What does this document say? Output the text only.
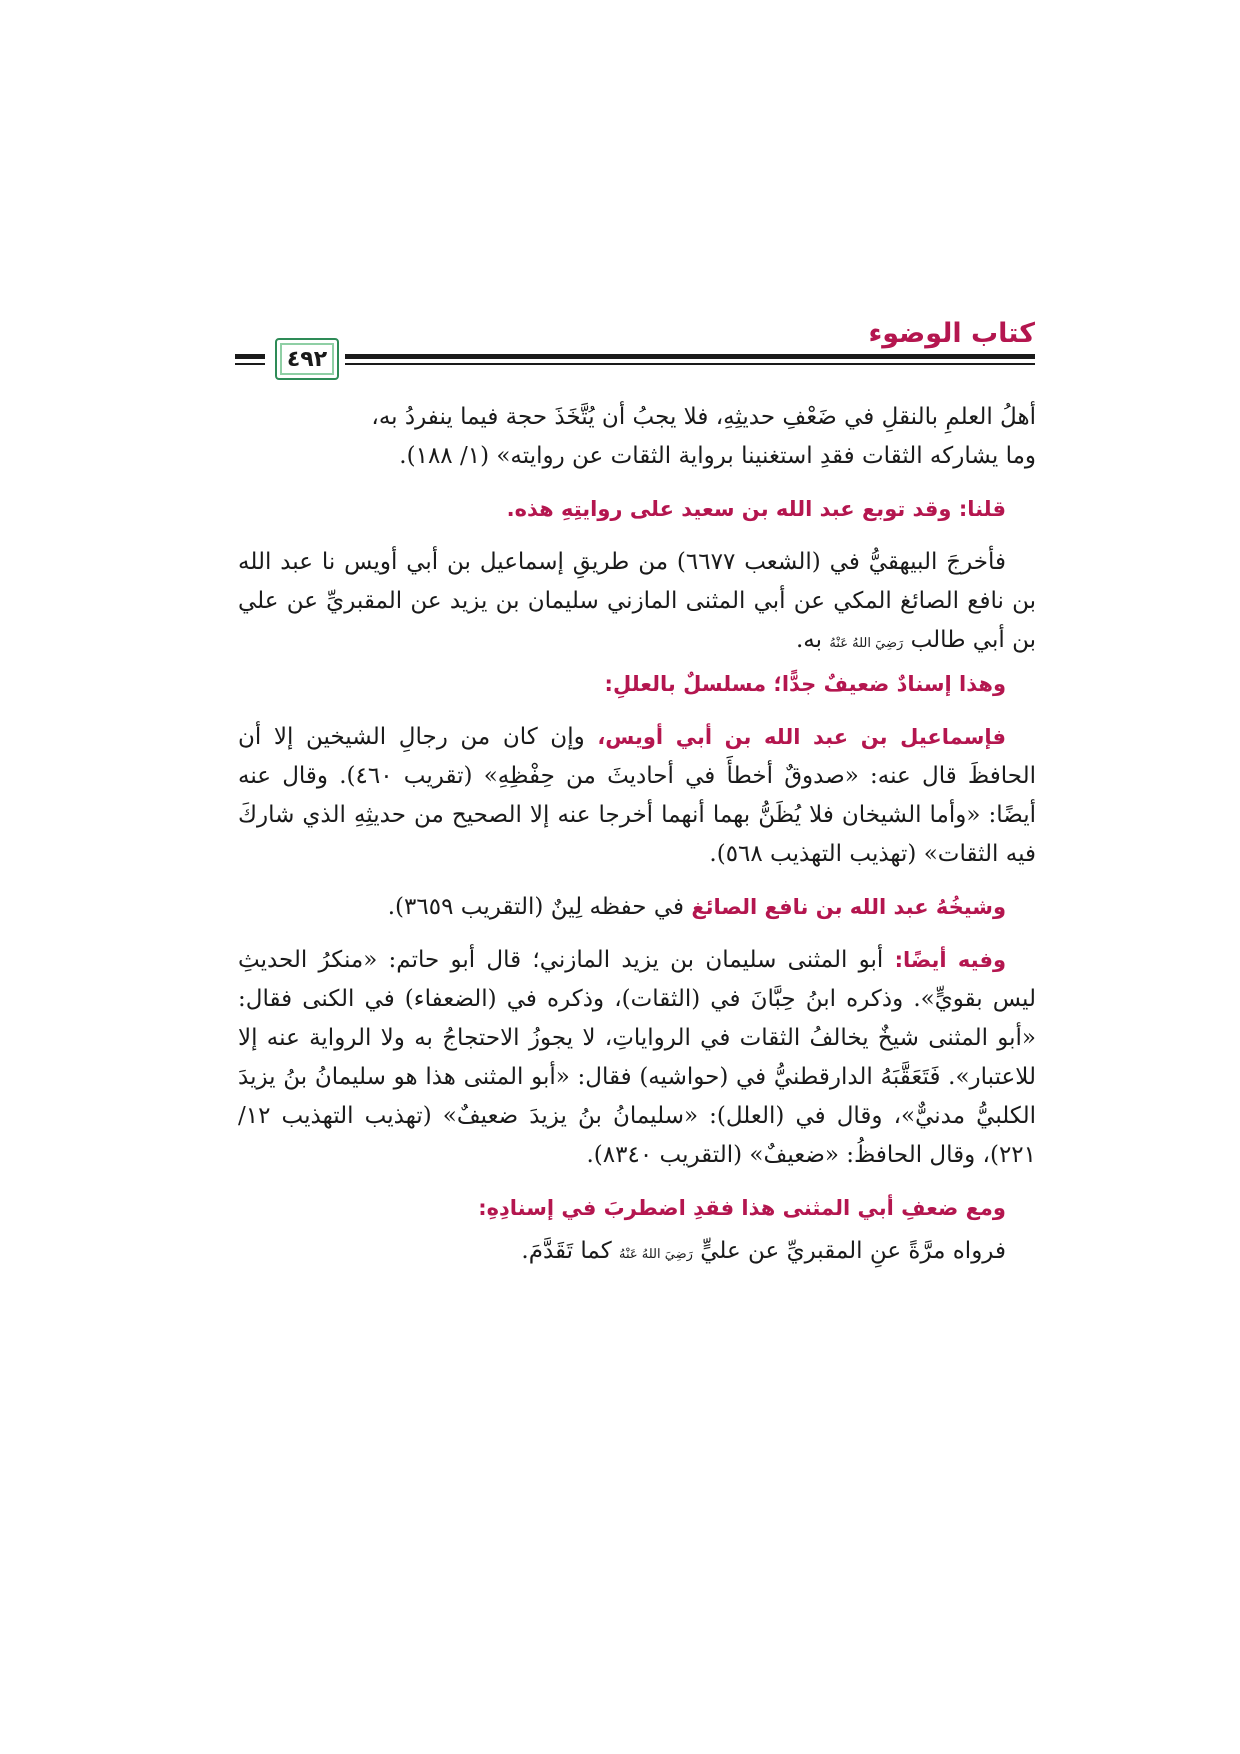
٤٩٢
كتاب الوضوء

أهلُ العلمِ بالنقلِ في ضَعْفِ حديثِهِ، فلا يجبُ أن يُتَّخَذَ حجة فيما ينفردُ به،
وما يشاركه الثقات فقدِ استغنينا برواية الثقات عن روايته» (١/ ١٨٨).

قلنا: وقد توبع عبد الله بن سعيد على روايتِهِ هذه.

فأخرجَ البيهقيُّ في (الشعب ٦٦٧٧) من طريقِ إسماعيل بن أبي أويس نا عبد الله بن نافع الصائغ المكي عن أبي المثنى المازني سليمان بن يزيد عن المقبريِّ عن علي بن أبي طالب رَضِيَ اللهُ عَنْهُ به.

وهذا إسنادٌ ضعيفٌ جدًّا؛ مسلسلٌ بالعللِ:

فإسماعيل بن عبد الله بن أبي أويس، وإن كان من رجالِ الشيخين إلا أن الحافظَ قال عنه: «صدوقٌ أخطأَ في أحاديثَ من حِفْظِهِ» (تقريب ٤٦٠). وقال عنه أيضًا: «وأما الشيخان فلا يُظَنُّ بهما أنهما أخرجا عنه إلا الصحيح من حديثِهِ الذي شاركَ فيه الثقات» (تهذيب التهذيب ٥٦٨).

وشيخُهُ عبد الله بن نافع الصائغ في حفظه لِينٌ (التقريب ٣٦٥٩).

وفيه أيضًا: أبو المثنى سليمان بن يزيد المازني؛ قال أبو حاتم: «منكرُ الحديثِ ليس بقويٍّ». وذكره ابنُ حِبَّانَ في (الثقات)، وذكره في (الضعفاء) في الكنى فقال: «أبو المثنى شيخٌ يخالفُ الثقات في الرواياتِ، لا يجوزُ الاحتجاجُ به ولا الرواية عنه إلا للاعتبار». فَتَعَقَّبَهُ الدارقطنيُّ في (حواشيه) فقال: «أبو المثنى هذا هو سليمانُ بنُ يزيدَ الكلبيُّ مدنيٌّ»، وقال في (العلل): «سليمانُ بنُ يزيدَ ضعيفٌ» (تهذيب التهذيب ١٢/ ٢٢١)، وقال الحافظُ: «ضعيفٌ» (التقريب ٨٣٤٠).

ومع ضعفِ أبي المثنى هذا فقدِ اضطربَ في إسنادِهِ:

فرواه مرَّةً عنِ المقبريِّ عن عليٍّ رَضِيَ اللهُ عَنْهُ كما تَقَدَّمَ.
